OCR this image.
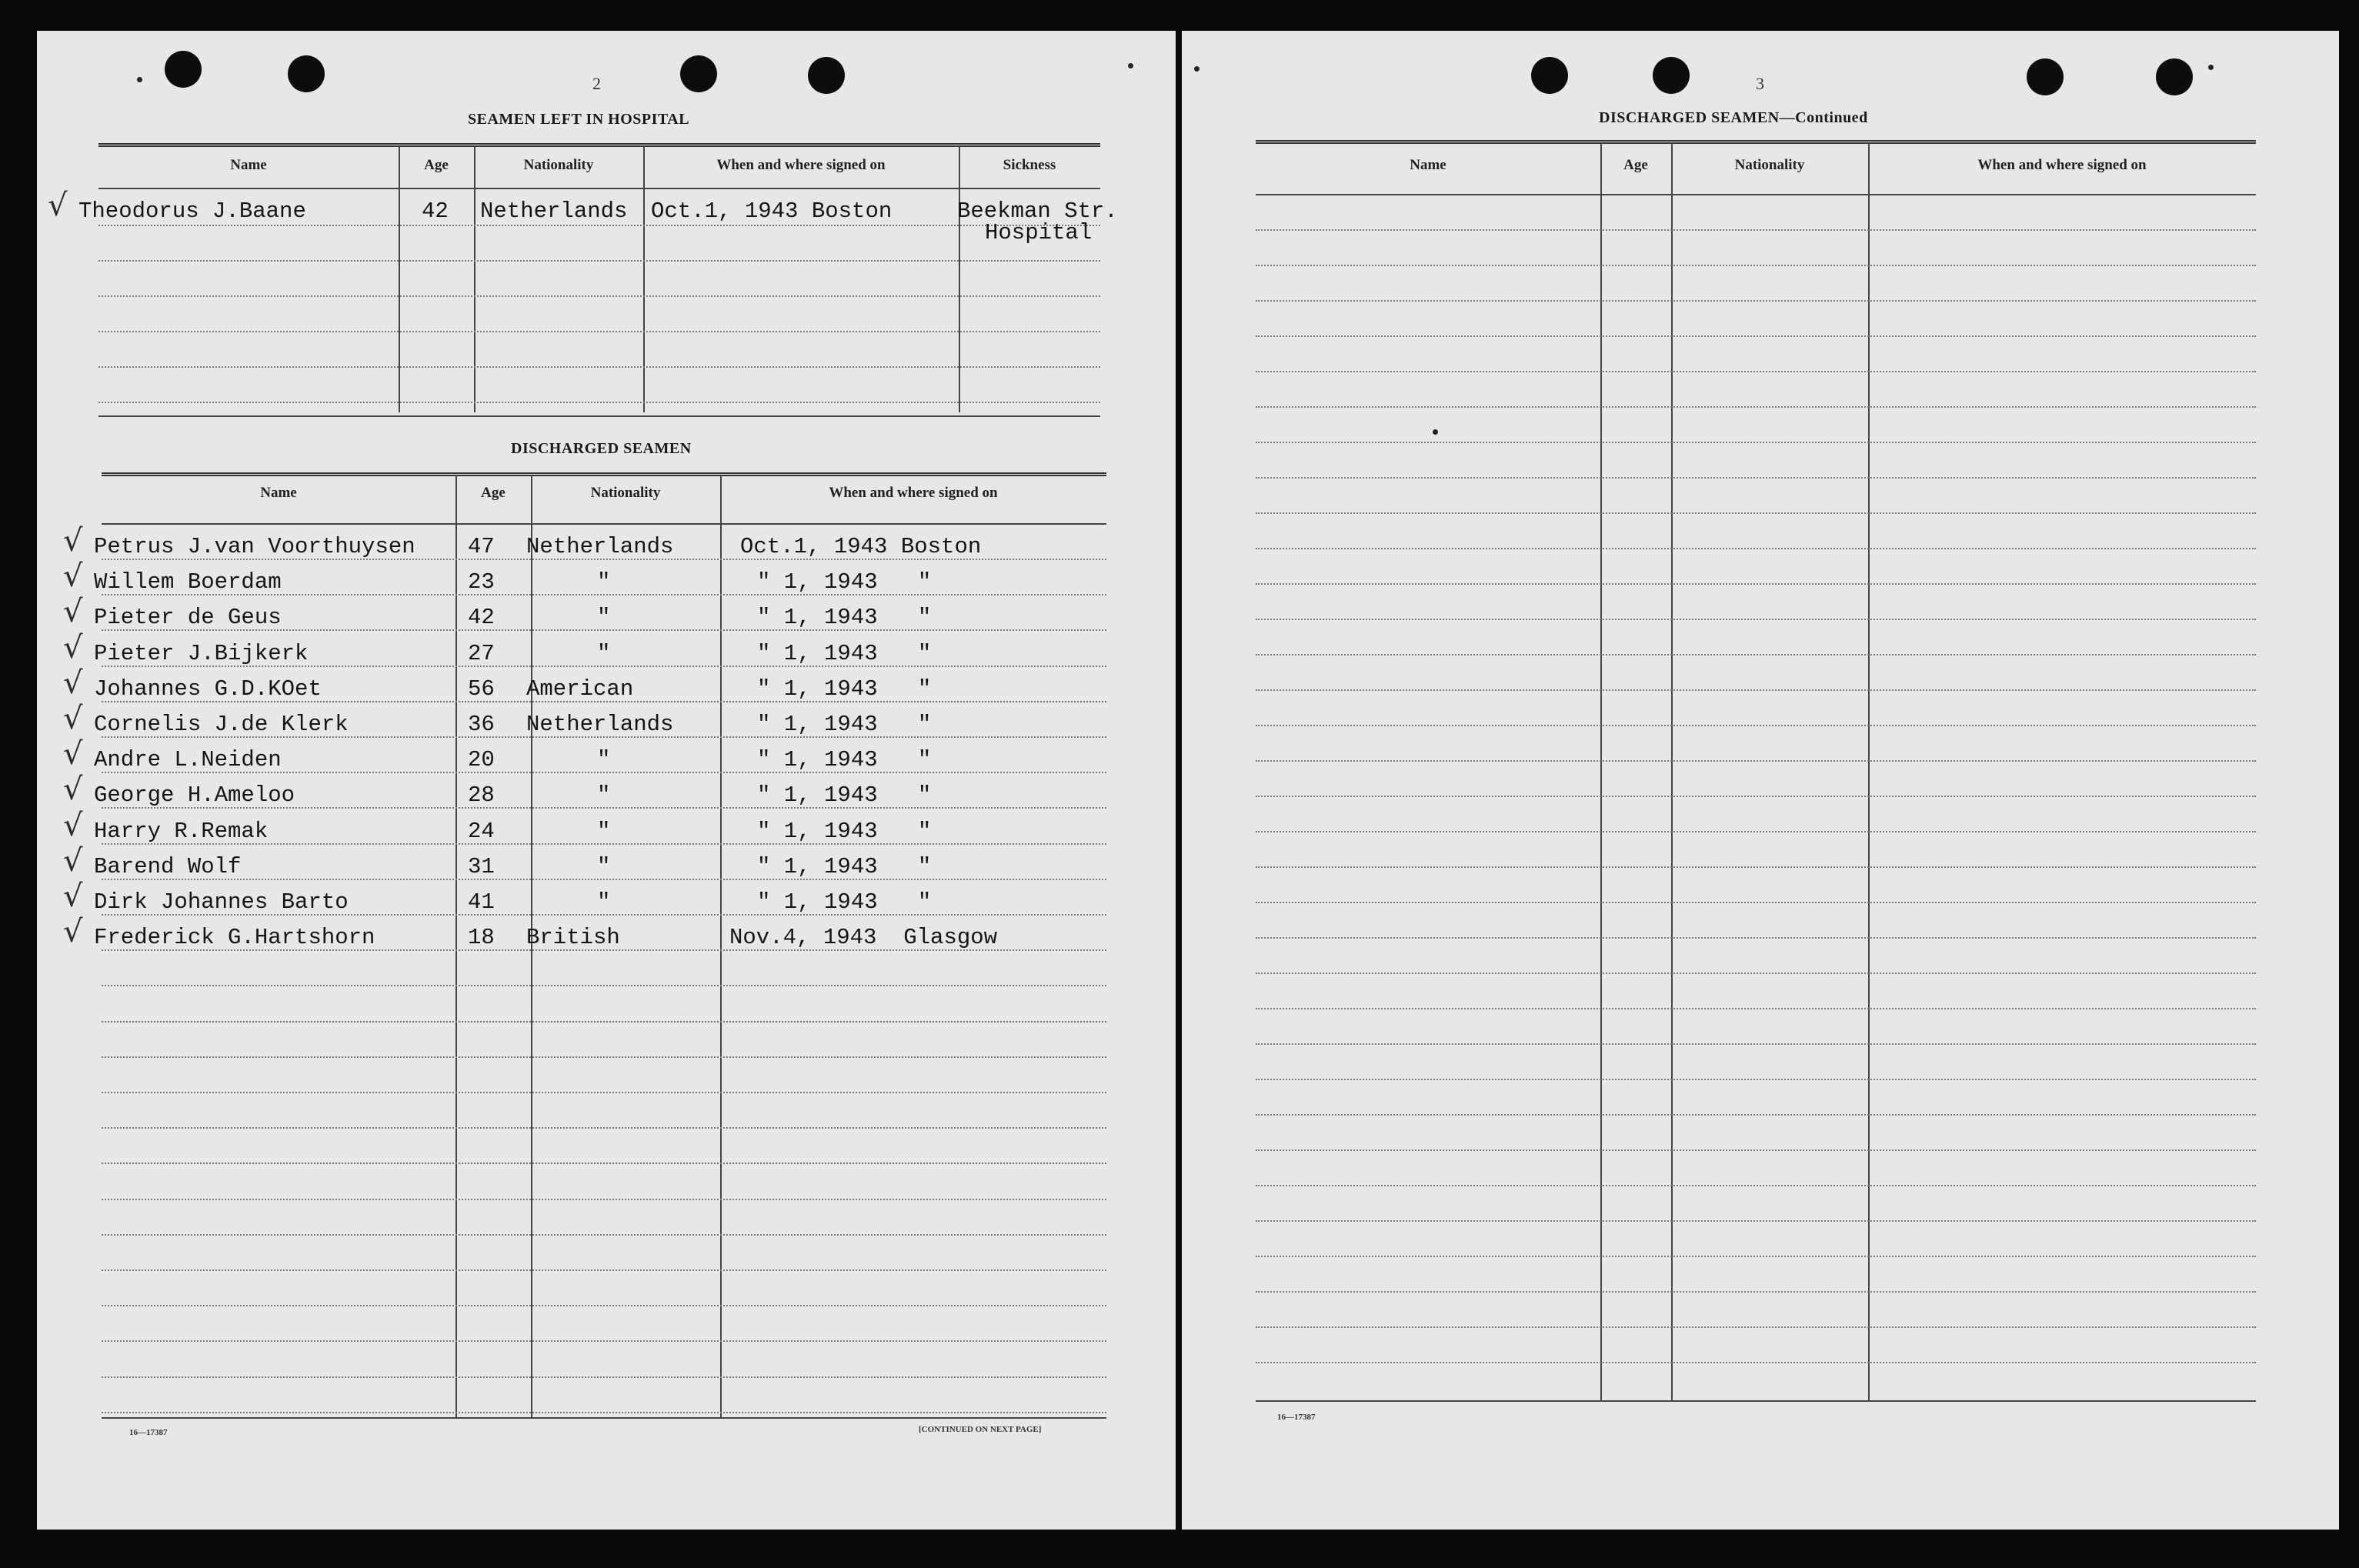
2
SEAMEN LEFT IN HOSPITAL
Name	Age	Nationality	When and where signed on	Sickness
√ Theodorus J.Baane	42 Netherlands Oct.1, 1943 Boston	Beekman Str.
Hospital
DISCHARGED SEAMEN
Name	Age	Nationality	When and where signed on
√ Petrus J.van Voorthuysen 47 Netherlands	Oct.1, 1943 Boston
√ Willem Boerdam	23	"	" 1, 1943   "
√ Pieter de Geus	42	"	" 1, 1943   "
√ Pieter J.Bijkerk	27	"	" 1, 1943   "
√ Johannes G.D.KOet	56 American	" 1, 1943   "
√ Cornelis J.de Klerk	36 Netherlands	" 1, 1943   "
√ Andre L.Neiden	20	"	" 1, 1943   "
√ George H.Ameloo	28	"	" 1, 1943   "
√ Harry R.Remak	24	"	" 1, 1943   "
√ Barend Wolf	31	"	" 1, 1943   "
√ Dirk Johannes Barto	41	"	" 1, 1943   "
√ Frederick G.Hartshorn	18 British	Nov.4, 1943  Glasgow
16—17387	[CONTINUED ON NEXT PAGE]
3
DISCHARGED SEAMEN—Continued
Name	Age	Nationality	When and where signed on
16—17387
